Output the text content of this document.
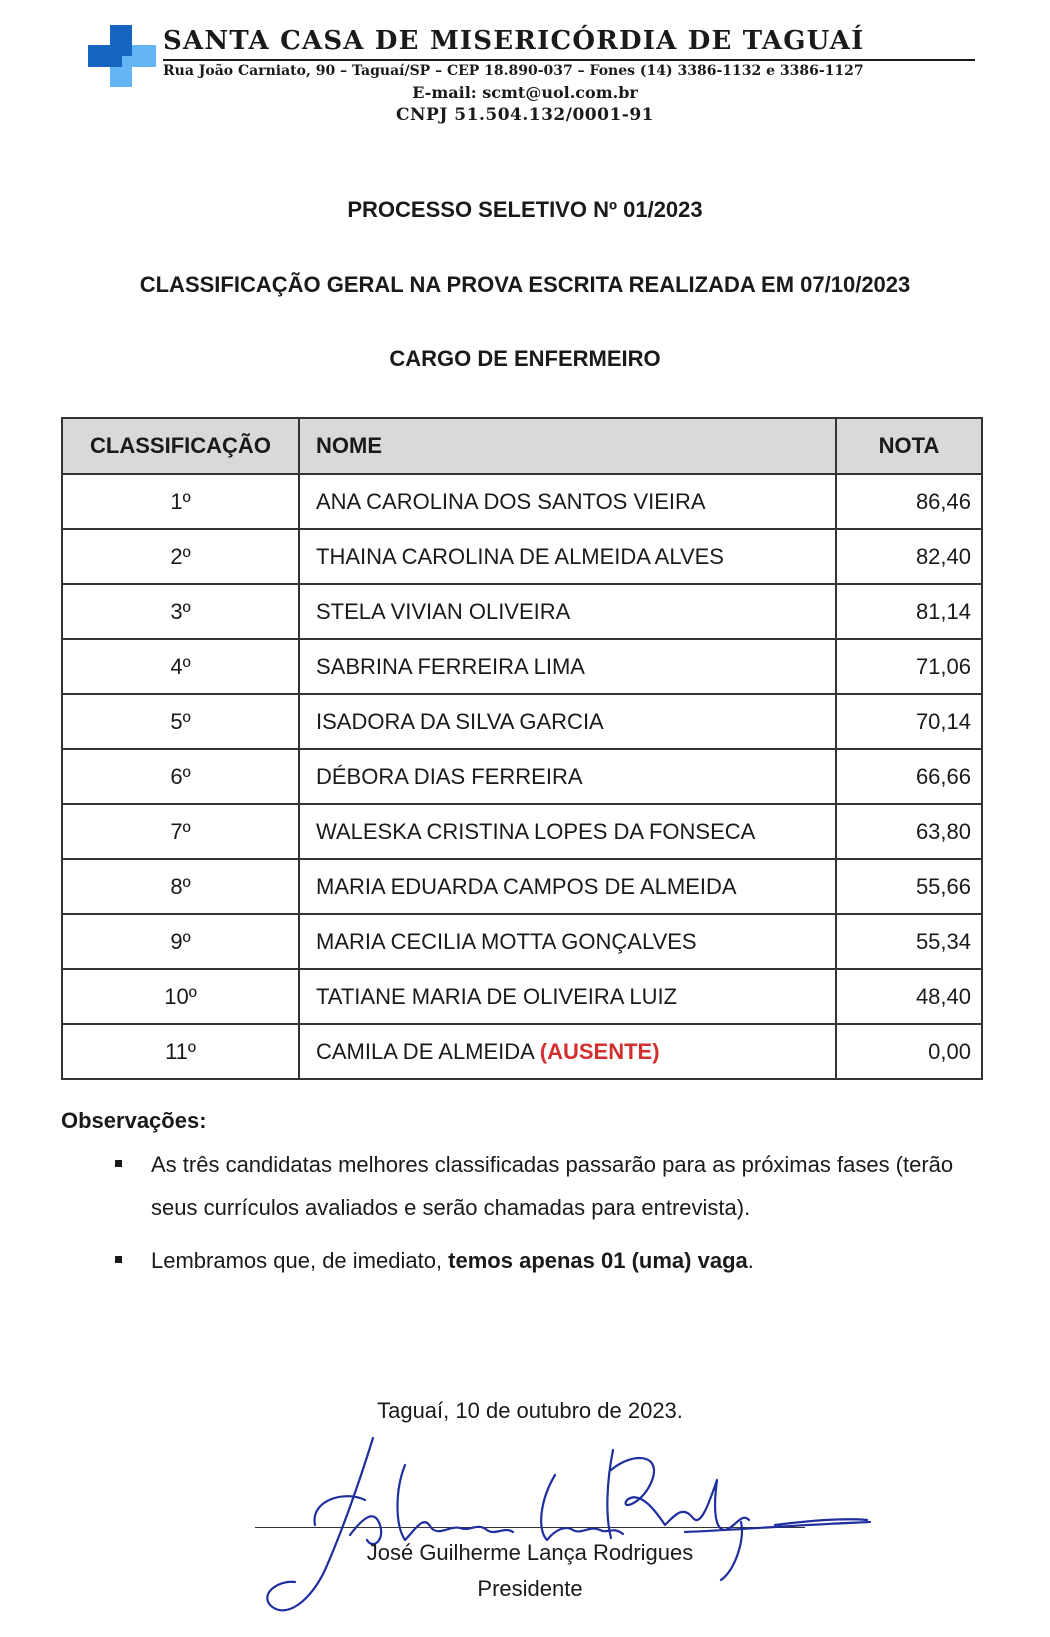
SANTA CASA DE MISERICÓRDIA DE TAGUAÍ
Rua João Carniato, 90 – Taguaí/SP – CEP 18.890-037 – Fones (14) 3386-1132 e 3386-1127
E-mail: scmt@uol.com.br
CNPJ 51.504.132/0001-91
PROCESSO SELETIVO Nº 01/2023
CLASSIFICAÇÃO GERAL NA PROVA ESCRITA REALIZADA EM 07/10/2023
CARGO DE ENFERMEIRO
CLASSIFICAÇÃO	NOME	NOTA
1º	ANA CAROLINA DOS SANTOS VIEIRA	86,46
2º	THAINA CAROLINA DE ALMEIDA ALVES	82,40
3º	STELA VIVIAN OLIVEIRA	81,14
4º	SABRINA FERREIRA LIMA	71,06
5º	ISADORA DA SILVA GARCIA	70,14
6º	DÉBORA DIAS FERREIRA	66,66
7º	WALESKA CRISTINA LOPES DA FONSECA	63,80
8º	MARIA EDUARDA CAMPOS DE ALMEIDA	55,66
9º	MARIA CECILIA MOTTA GONÇALVES	55,34
10º	TATIANE MARIA DE OLIVEIRA LUIZ	48,40
11º	CAMILA DE ALMEIDA (AUSENTE)	0,00
Observações:
As três candidatas melhores classificadas passarão para as próximas fases (terão seus currículos avaliados e serão chamadas para entrevista).
Lembramos que, de imediato, temos apenas 01 (uma) vaga.
Taguaí, 10 de outubro de 2023.
José Guilherme Lança Rodrigues
Presidente
